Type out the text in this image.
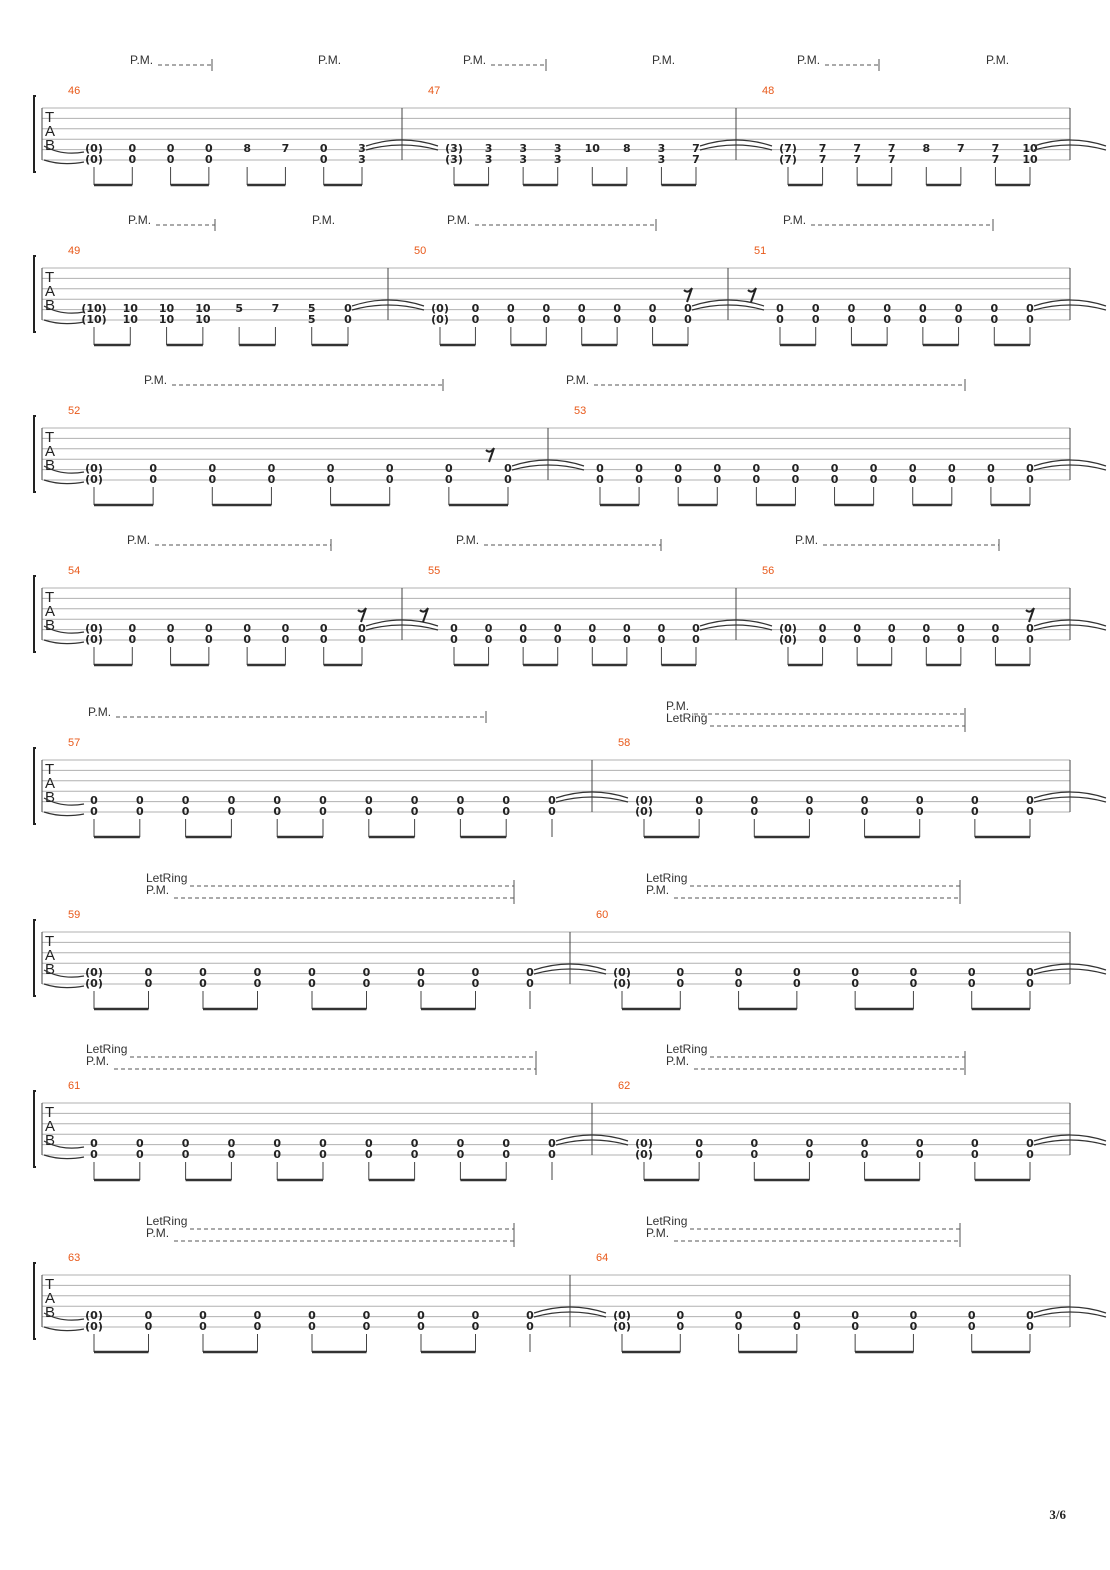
T
A
B
P.M.	P.M.	P.M.	P.M.	P.M.	P.M.
46
(0)
(0)
0
0
0
0
0
0
8	7	0
0
3
3
47
(3)
(3)
3
3
3
3
3
3
10 8 3
3
7
7
48
(7)
(7)
7
7
7
7
7
7
8 7 7
7
10
10
T
A
B
P.M.	P.M.	P.M.	P.M.
49
(10)
(10)
10
10
10
10
10
10
5	7	5
5
0
0
50
(0)
(0)
0
0
0
0
0
0
0
0
0
0
0
0
0
0
51
0
0
0
0
0
0
0
0
0
0
0
0
0
0
0
0
T
A
B
P.M.	P.M.
52
(0)
(0)
0
0
0
0
0
0
0
0
0
0
0
0
0
0
53
0
0
0
0
0
0
0
0
0
0
0
0
0
0
0
0
0
0
0
0
0
0
0
0
T
A
B
P.M.	P.M.	P.M.
54
(0)
(0)
0
0
0
0
0
0
0
0
0
0
0
0
0
0
55
0
0
0
0
0
0
0
0
0
0
0
0
0
0
0
0
56
(0)
(0)
0
0
0
0
0
0
0
0
0
0
0
0
0
0
T
A
B
P.M.	P.M.
LetRing
57
0
0
0
0
0
0
0
0
0
0
0
0
0
0
0
0
0
0
0
0
0
0
58
(0)
(0)
0
0
0
0
0
0
0
0
0
0
0
0
0
0
T
A
B
LetRing
P.M.
LetRing
P.M.
59
(0)
(0)
0
0
0
0
0
0
0
0
0
0
0
0
0
0
0
0
60
(0)
(0)
0
0
0
0
0
0
0
0
0
0
0
0
0
0
T
A
B
LetRing
P.M.
LetRing
P.M.
61
0
0
0
0
0
0
0
0
0
0
0
0
0
0
0
0
0
0
0
0
0
0
62
(0)
(0)
0
0
0
0
0
0
0
0
0
0
0
0
0
0
T
A
B
LetRing
P.M.
LetRing
P.M.
63
(0)
(0)
0
0
0
0
0
0
0
0
0
0
0
0
0
0
0
0
64
(0)
(0)
0
0
0
0
0
0
0
0
0
0
0
0
0
0
3/6
